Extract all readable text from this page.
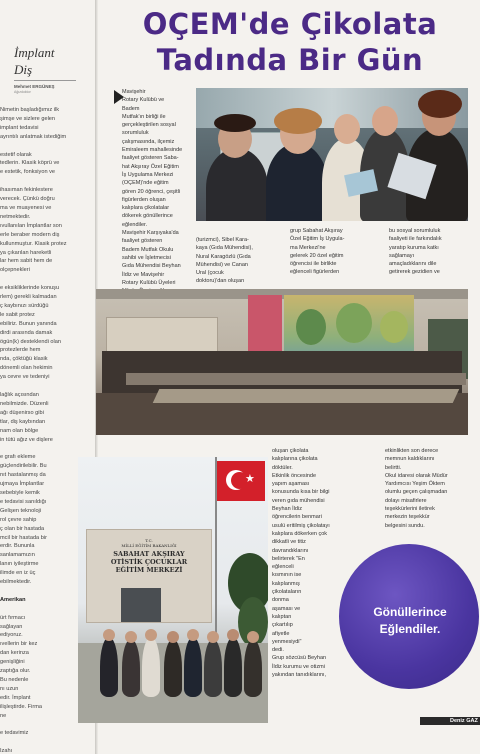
İmplant
Diş
Mehmet ERGÜNEŞ
Ağızdoktor

Nimetin başladığımız ilk

şimşe ve sizlere gelen

implant tedavisi

ayrıntılı anlatmak istediğim

estetif olarak

tedlerin. Klasik köprü ve

e estetik, fonksiyon ve

ihasıman fekinlestere

verecek. Çünkü doğru

ma ve muayenesi ve

netmektedir.

ıvullanılan İmplantlar son

erle beraber modern diş

kullunmuştur. Klasik protez

ya çıkarılan hareketli

lar hem sabit hem de

olçepnekleri

e eksikliklerinde konuşu

rlem) gerekli kalmadan

ç kaybınızı sürdüğü

le sabit protez

ebiliriz. Bunun yanında

dirdi arasında damak

ögün(k) desteklendi olan

protezlerde hem

nda, çöktüğü klasik

dönemli olan hekimin

ya cevre ve tedeniyi

lağlık açısından

nebilmizde. Düzenli

ağı düşenirso gibi

tlar, diş kaybından

nam olan bölge

in tütü ağız ve dişlere

e grafı ekleme

güçlendirilebilir. Bu

nıt hastalanmış da

ujmaya İmplantlar

sebebiyle kemik

e tedavisi sanıldığı

Gelişen teknoloji

rol çevre sahip

ç olan bir hastada

mcil bir hastada bir

erdir. Bununla

sanlamamızın

lanın iyileştirme

ilimde en iz üç

ebilmektedir.

Amerikan

ürt fırmacı

sağlayan

ediyoruz.

ıvellerin bir kez

dan kerinza

genişliğini

zaptığa olur.

Bu nedenle

nı uzun

edir. İmplant

ilişleştirde. Firma

ne

e tedavimiz

Izahı

OÇEM'de Çikolata
Tadında Bir Gün

Mavişehir

Rotary Kulübü ve

Badem

Mutfak'ın birliği ile

gerçekleştirilen sosyal

sorumluluk

çalışmasında, ilçemiz

Emiraleem mahallesinde

faaliyet gösteren Saba-

hat Akşıray Özel Eğitim

İş Uygulama Merkezi

(OÇEM)'nde eğitim

gören 20 öğrenci, çeşitli

figürlerden oluşan

kalıplara çikolatalar

dökerek gönüllerince

eğlendiler.

Mavişehir Karşıyaka'da

faaliyet gösteren

Badem Mutfak Okulu

sahibi ve İşletmecisi

Gıda Mühendisi Beyhan

İldiz ve Mavişehir

Rotary Kulübü Üyeleri

(turizmci), Sibel Kara-

kaya (Gıda Mühendisi),

Nural Karagözlü (Gıda

Mühendisi) ve Canan

Ural (çocuk

doktoru)'dan oluşan

grup Sabahat Akşıray

Özel Eğitim İş Uygula-

ma Merkezi'ne

gelerek 20 özel eğitim

öğrencisi ile birlikte

eğlenceli figürlerden

bu sosyal sorumluluk

faaliyeti ile farkındalık

yaratıp kuruma katkı

sağlamayı

amaçladıklarını dile

getirerek gezidien ve

oluşan çikolata

kalıplarına çikolata

döktüler.

Etkinlik öncesinde

yapım aşaması

konusunda kısa bir bilgi

veren gıda mühendisi

Beyhan İldiz

öğrencilerin benmari

usulü eritilmiş çikolatayı

kalıplara dökerken çok

dikkatli ve titiz

davrandıklarını

belirterek "En

eğlenceli

kısmının ise

kalıplanmış

çikolataların

donma

aşaması ve

kalıptan

çıkartılıp

afiyetle

yenmesiydi"

dedi.

Grup sözcüsü Beyhan

İldiz kurumu ve otizmi

yakından tanıdıklarını,

etkinlikten son derece

memnun kaldıklarını

belirtti.

Okul idaresi olarak Müdür

Yardımcısı Yeşim Öktem

olumlu geçen çalışmadan

dolayı misafirlere

teşekkürlerini iletirek

merkezin teşekkür

belgesini sundu.

★
T.C.
MİLLİ EĞİTİM BAKANLIĞI
SABAHAT AKŞIRAY
OTİSTİK ÇOCUKLAR
EĞİTİM MERKEZİ
Gönüllerince
Eğlendiler.
Deniz GAZ
